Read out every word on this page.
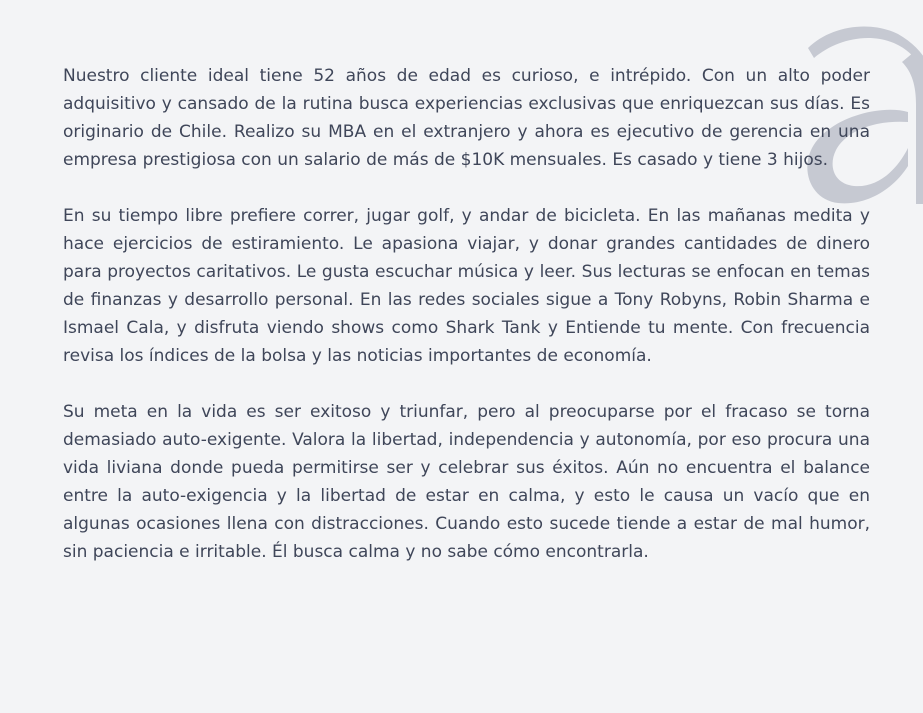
Nuestro cliente ideal tiene 52 años de edad es curioso, e intrépido. Con un alto poder adquisitivo y cansado de la rutina busca experiencias exclusivas que enriquezcan sus días. Es originario de Chile. Realizo su MBA en el extranjero y ahora es ejecutivo de gerencia en una empresa prestigiosa con un salario de más de $10K mensuales. Es casado y tiene 3 hijos.

En su tiempo libre prefiere correr, jugar golf, y andar de bicicleta. En las mañanas medita y hace ejercicios de estiramiento. Le apasiona viajar, y donar grandes cantidades de dinero para proyectos caritativos. Le gusta escuchar música y leer. Sus lecturas se enfocan en temas de finanzas y desarrollo personal. En las redes sociales sigue a Tony Robyns, Robin Sharma e Ismael Cala, y disfruta viendo shows como Shark Tank y Entiende tu mente. Con frecuencia revisa los índices de la bolsa y las noticias importantes de economía.

Su meta en la vida es ser exitoso y triunfar, pero al preocuparse por el fracaso se torna demasiado auto-exigente. Valora la libertad, independencia y autonomía, por eso procura una vida liviana donde pueda permitirse ser y celebrar sus éxitos. Aún no encuentra el balance entre la auto-exigencia y la libertad de estar en calma, y esto le causa un vacío que en algunas ocasiones llena con distracciones. Cuando esto sucede tiende a estar de mal humor, sin paciencia e irritable. Él busca calma y no sabe cómo encontrarla.
